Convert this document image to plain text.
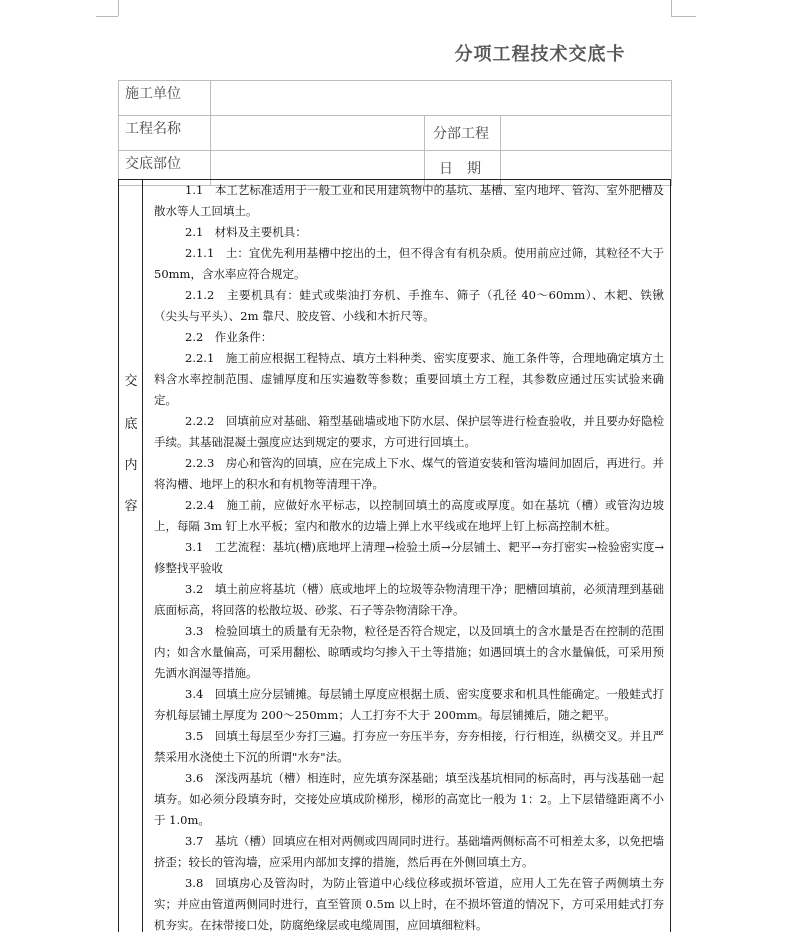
分项工程技术交底卡
施工单位			
工程名称		分部工程	
交底部位		日　期	
交
底
内
容

1.1　本工艺标准适用于一般工业和民用建筑物中的基坑、基槽、室内地坪、管沟、室外肥槽及散水等人工回填土。

2.1　材料及主要机具：

2.1.1　土：宜优先利用基槽中挖出的土，但不得含有有机杂质。使用前应过筛，其粒径不大于 50mm，含水率应符合规定。

2.1.2　主要机具有：蛙式或柴油打夯机、手推车、筛子（孔径 40～60mm）、木耙、铁锹（尖头与平头）、2m 靠尺、胶皮管、小线和木折尺等。

2.2　作业条件：

2.2.1　施工前应根据工程特点、填方土料种类、密实度要求、施工条件等，合理地确定填方土料含水率控制范围、虚铺厚度和压实遍数等参数；重要回填土方工程，其参数应通过压实试验来确定。

2.2.2　回填前应对基础、箱型基础墙或地下防水层、保护层等进行检查验收，并且要办好隐检手续。其基础混凝土强度应达到规定的要求，方可进行回填土。

2.2.3　房心和管沟的回填，应在完成上下水、煤气的管道安装和管沟墙间加固后，再进行。并将沟槽、地坪上的积水和有机物等清理干净。

2.2.4　施工前，应做好水平标志，以控制回填土的高度或厚度。如在基坑（槽）或管沟边坡上，每隔 3m 钉上水平板；室内和散水的边墙上弹上水平线或在地坪上钉上标高控制木桩。

3.1　工艺流程：基坑(槽)底地坪上清理→检验土质→分层铺土、耙平→夯打密实→检验密实度→修整找平验收

3.2　填土前应将基坑（槽）底或地坪上的垃圾等杂物清理干净；肥槽回填前，必须清理到基础底面标高，将回落的松散垃圾、砂浆、石子等杂物清除干净。

3.3　检验回填土的质量有无杂物，粒径是否符合规定，以及回填土的含水量是否在控制的范围内；如含水量偏高，可采用翻松、晾晒或均匀掺入干土等措施；如遇回填土的含水量偏低，可采用预先洒水润湿等措施。

3.4　回填土应分层铺摊。每层铺土厚度应根据土质、密实度要求和机具性能确定。一般蛙式打夯机每层铺土厚度为 200～250mm；人工打夯不大于 200mm。每层铺摊后，随之耙平。

3.5　回填土每层至少夯打三遍。打夯应一夯压半夯，夯夯相接，行行相连，纵横交叉。并且严禁采用水浇使土下沉的所谓"水夯"法。

3.6　深浅两基坑（槽）相连时，应先填夯深基础；填至浅基坑相同的标高时，再与浅基础一起填夯。如必须分段填夯时，交接处应填成阶梯形，梯形的高宽比一般为 1：2。上下层错缝距离不小于 1.0m。

3.7　基坑（槽）回填应在相对两侧或四周同时进行。基础墙两侧标高不可相差太多，以免把墙挤歪；较长的管沟墙，应采用内部加支撑的措施，然后再在外侧回填土方。

3.8　回填房心及管沟时，为防止管道中心线位移或损坏管道，应用人工先在管子两侧填土夯实；并应由管道两侧同时进行，直至管顶 0.5m 以上时，在不损坏管道的情况下，方可采用蛙式打夯机夯实。在抹带接口处，防腐绝缘层或电缆周围，应回填细粒料。
